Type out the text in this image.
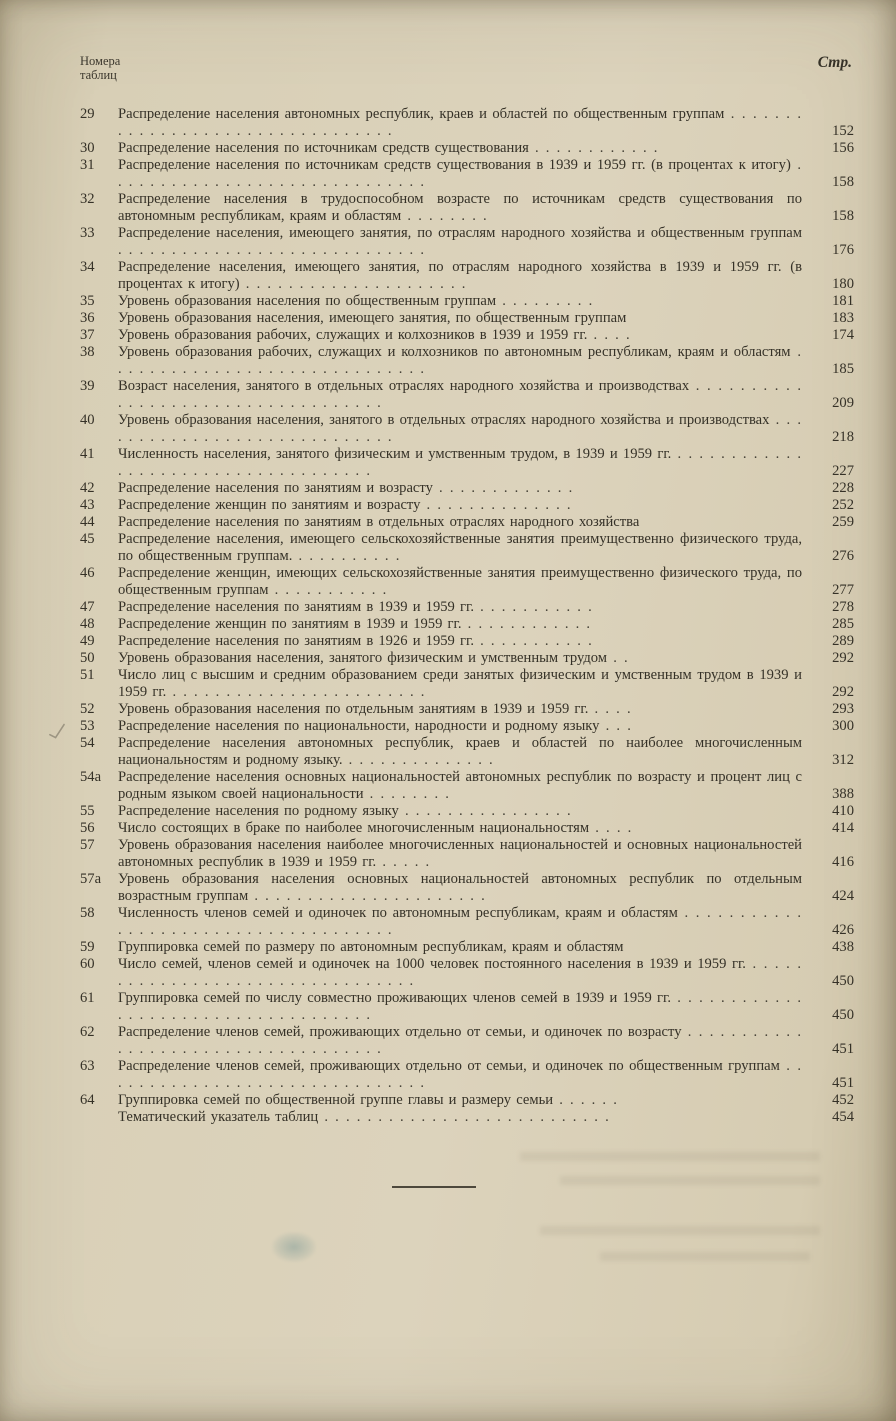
Номера
таблиц
Стр.
29	Распределение населения автономных республик, краев и областей по общественным группам . . . . . . . . . . . . . . . . . . . . . . . . . . . . . . . . .	152
30	Распределение населения по источникам средств существования . . . . . . . . . . . .	156
31	Распределение населения по источникам средств существования в 1939 и 1959 гг. (в процентах к итогу) . . . . . . . . . . . . . . . . . . . . . . . . . . . . . .	158
32	Распределение населения в трудоспособном возрасте по источникам средств существования по автономным республикам, краям и областям . . . . . . . .	158
33	Распределение населения, имеющего занятия, по отраслям народного хозяйства и общественным группам . . . . . . . . . . . . . . . . . . . . . . . . . . . . .	176
34	Распределение населения, имеющего занятия, по отраслям народного хозяйства в 1939 и 1959 гг. (в процентах к итогу) . . . . . . . . . . . . . . . . . . . . .	180
35	Уровень образования населения по общественным группам . . . . . . . . .	181
36	Уровень образования населения, имеющего занятия, по общественным группам	183
37	Уровень образования рабочих, служащих и колхозников в 1939 и 1959 гг. . . . .	174
38	Уровень образования рабочих, служащих и колхозников по автономным республикам, краям и областям . . . . . . . . . . . . . . . . . . . . . . . . . . . . . .	185
39	Возраст населения, занятого в отдельных отраслях народного хозяйства и производствах . . . . . . . . . . . . . . . . . . . . . . . . . . . . . . . . . . .	209
40	Уровень образования населения, занятого в отдельных отраслях народного хозяйства и производствах . . . . . . . . . . . . . . . . . . . . . . . . . . . . .	218
41	Численность населения, занятого физическим и умственным трудом, в 1939 и 1959 гг. . . . . . . . . . . . . . . . . . . . . . . . . . . . . . . . . . . . .	227
42	Распределение населения по занятиям и возрасту . . . . . . . . . . . . .	228
43	Распределение женщин по занятиям и возрасту . . . . . . . . . . . . . .	252
44	Распределение населения по занятиям в отдельных отраслях народного хозяйства	259
45	Распределение населения, имеющего сельскохозяйственные занятия преимущественно физического труда, по общественным группам. . . . . . . . . . .	276
46	Распределение женщин, имеющих сельскохозяйственные занятия преимущественно физического труда, по общественным группам . . . . . . . . . . .	277
47	Распределение населения по занятиям в 1939 и 1959 гг. . . . . . . . . . . .	278
48	Распределение женщин по занятиям в 1939 и 1959 гг. . . . . . . . . . . . .	285
49	Распределение населения по занятиям в 1926 и 1959 гг. . . . . . . . . . . .	289
50	Уровень образования населения, занятого физическим и умственным трудом . .	292
51	Число лиц с высшим и средним образованием среди занятых физическим и умственным трудом в 1939 и 1959 гг. . . . . . . . . . . . . . . . . . . . . . . . .	292
52	Уровень образования населения по отдельным занятиям в 1939 и 1959 гг. . . . .	293
53	Распределение населения по национальности, народности и родному языку . . .	300
54	Распределение населения автономных республик, краев и областей по наиболее многочисленным национальностям и родному языку. . . . . . . . . . . . . . .	312
54а	Распределение населения основных национальностей автономных республик по возрасту и процент лиц с родным языком своей национальности . . . . . . . .	388
55	Распределение населения по родному языку . . . . . . . . . . . . . . . .	410
56	Число состоящих в браке по наиболее многочисленным национальностям . . . .	414
57	Уровень образования населения наиболее многочисленных национальностей и основных национальностей автономных республик в 1939 и 1959 гг. . . . . .	416
57а	Уровень образования населения основных национальностей автономных республик по отдельным возрастным группам . . . . . . . . . . . . . . . . . . . . . .	424
58	Численность членов семей и одиночек по автономным республикам, краям и областям . . . . . . . . . . . . . . . . . . . . . . . . . . . . . . . . . . . . .	426
59	Группировка семей по размеру по автономным республикам, краям и областям	438
60	Число семей, членов семей и одиночек на 1000 человек постоянного населения в 1939 и 1959 гг. . . . . . . . . . . . . . . . . . . . . . . . . . . . . . . . . .	450
61	Группировка семей по числу совместно проживающих членов семей в 1939 и 1959 гг. . . . . . . . . . . . . . . . . . . . . . . . . . . . . . . . . . . . .	450
62	Распределение членов семей, проживающих отдельно от семьи, и одиночек по возрасту . . . . . . . . . . . . . . . . . . . . . . . . . . . . . . . . . . . .	451
63	Распределение членов семей, проживающих отдельно от семьи, и одиночек по общественным группам . . . . . . . . . . . . . . . . . . . . . . . . . . . . . . .	451
64	Группировка семей по общественной группе главы и размеру семьи . . . . . .	452
Тематический указатель таблиц . . . . . . . . . . . . . . . . . . . . . . . . . . .	454
